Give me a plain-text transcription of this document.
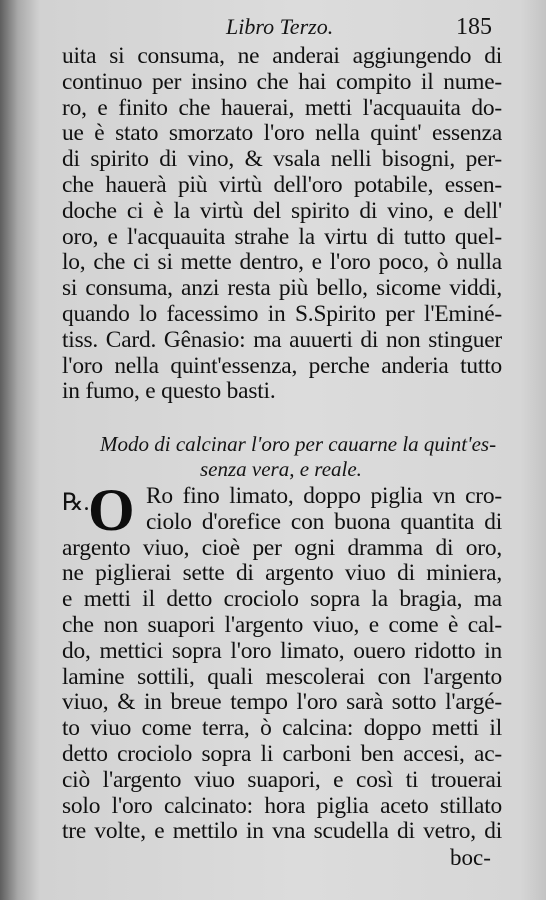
Libro Terzo.	185

uita si consuma, ne anderai aggiungendo di

continuo per insino che hai compito il nume-

ro, e finito che hauerai, metti l'acquauita do-

ue è stato smorzato l'oro nella quint' essenza

di spirito di vino, & vsala nelli bisogni, per-

che hauerà più virtù dell'oro potabile, essen-

doche ci è la virtù del spirito di vino, e dell'

oro, e l'acquauita strahe la virtu di tutto quel-

lo, che ci si mette dentro, e l'oro poco, ò nulla

si consuma, anzi resta più bello, sicome viddi,

quando lo facessimo in S.Spirito per l'Eminé-

tiss. Card. Gênasio: ma auuerti di non stinguer

l'oro nella quint'essenza, perche anderia tutto

in fumo, e questo basti.

Modo di calcinar l'oro per cauarne la quint'es-
senza vera, e reale.
℞.
O Ro fino limato, doppo piglia vn cro-

ciolo d'orefice con buona quantita di

argento viuo, cioè per ogni dramma di oro,

ne piglierai sette di argento viuo di miniera,

e metti il detto crociolo sopra la bragia, ma

che non suapori l'argento viuo, e come è cal-

do, mettici sopra l'oro limato, ouero ridotto in

lamine sottili, quali mescolerai con l'argento

viuo, & in breue tempo l'oro sarà sotto l'argé-

to viuo come terra, ò calcina: doppo metti il

detto crociolo sopra li carboni ben accesi, ac-

ciò l'argento viuo suapori, e così ti trouerai

solo l'oro calcinato: hora piglia aceto stillato

tre volte, e mettilo in vna scudella di vetro, di

boc-
